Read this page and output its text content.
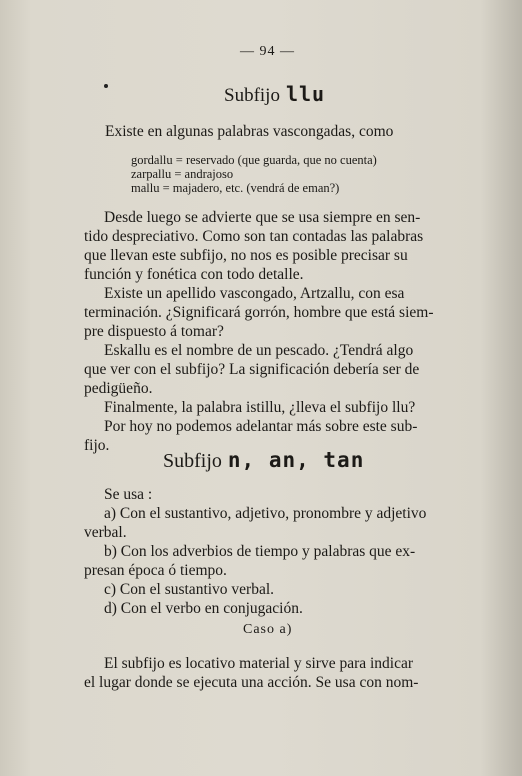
— 94 —
Subfijo llu
Existe en algunas palabras vascongadas, como
gordallu = reservado (que guarda, que no cuenta)
zarpallu = andrajoso
mallu = majadero, etc. (vendrá de eman?)
Desde luego se advierte que se usa siempre en sen-
tido despreciativo. Como son tan contadas las palabras
que llevan este subfijo, no nos es posible precisar su
función y fonética con todo detalle.
Existe un apellido vascongado, Artzallu, con esa
terminación. ¿Significará gorrón, hombre que está siem-
pre dispuesto á tomar?
Eskallu es el nombre de un pescado. ¿Tendrá algo
que ver con el subfijo? La significación debería ser de
pedigüeño.
Finalmente, la palabra istillu, ¿lleva el subfijo llu?
Por hoy no podemos adelantar más sobre este sub-
fijo.
Subfijo n, an, tan
Se usa :
a) Con el sustantivo, adjetivo, pronombre y adjetivo
verbal.
b) Con los adverbios de tiempo y palabras que ex-
presan época ó tiempo.
c) Con el sustantivo verbal.
d) Con el verbo en conjugación.
Caso a)
El subfijo es locativo material y sirve para indicar
el lugar donde se ejecuta una acción. Se usa con nom-
